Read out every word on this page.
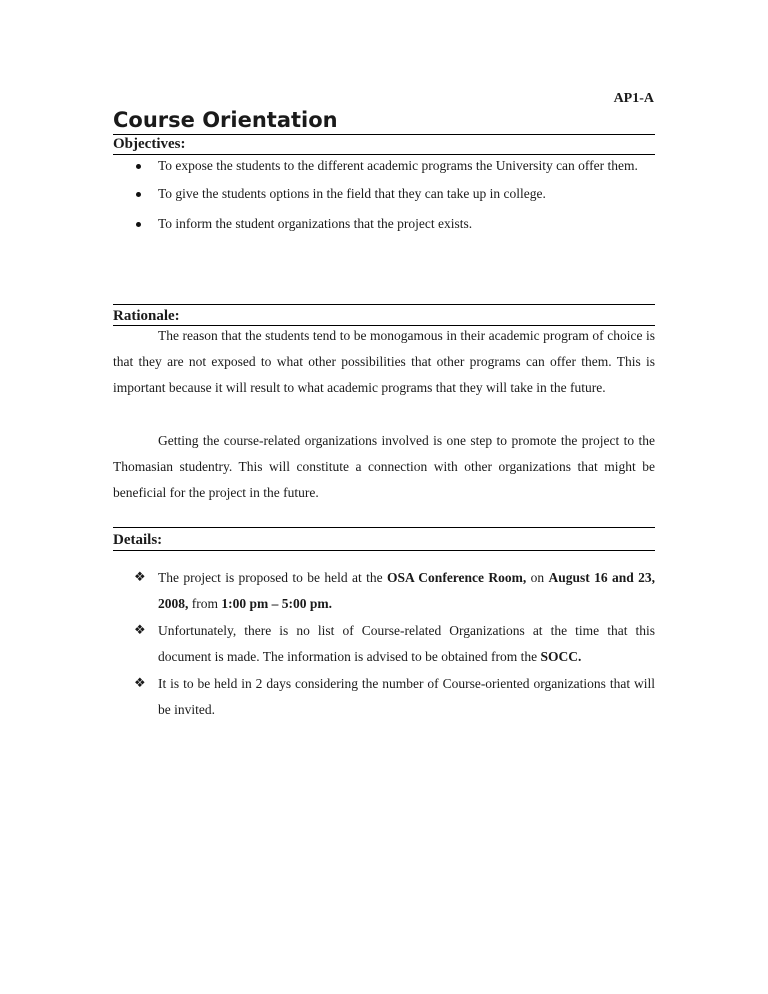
AP1-A
Course Orientation
Objectives:
To expose the students to the different academic programs the University can offer them.
To give the students options in the field that they can take up in college.
To inform the student organizations that the project exists.
Rationale:

The reason that the students tend to be monogamous in their academic program of choice is that they are not exposed to what other possibilities that other programs can offer them. This is important because it will result to what academic programs that they will take in the future.

Getting the course-related organizations involved is one step to promote the project to the Thomasian studentry. This will constitute a connection with other organizations that might be beneficial for the project in the future.

Details:
❖ The project is proposed to be held at the OSA Conference Room, on August 16 and 23, 2008, from 1:00 pm – 5:00 pm.
❖ Unfortunately, there is no list of Course-related Organizations at the time that this document is made. The information is advised to be obtained from the SOCC.
❖ It is to be held in 2 days considering the number of Course-oriented organizations that will be invited.
